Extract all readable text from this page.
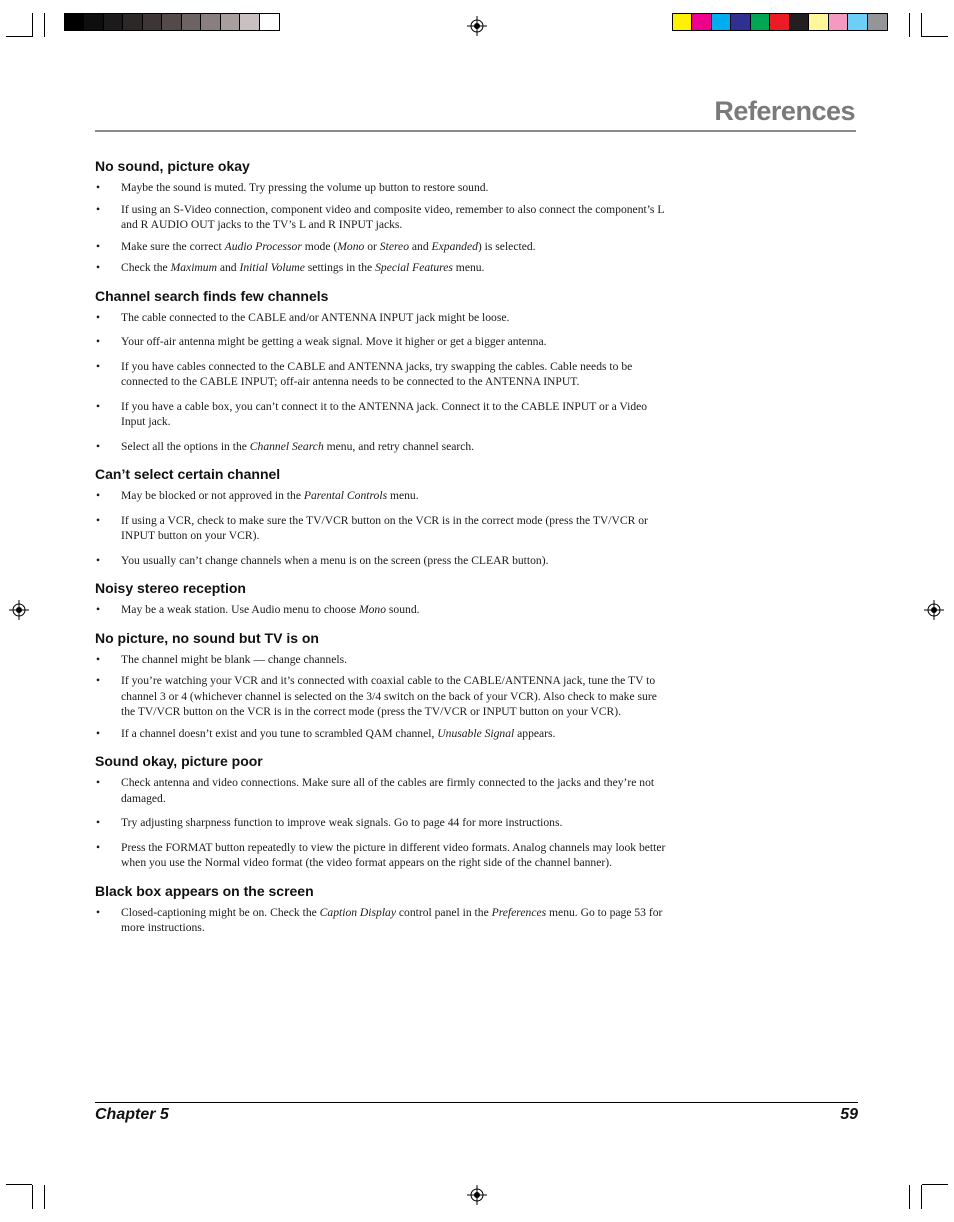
References
No sound, picture okay
• Maybe the sound is muted. Try pressing the volume up button to restore sound.
• If using an S-Video connection, component video and composite video, remember to also connect the component’s L and R AUDIO OUT jacks to the TV’s L and R INPUT jacks.
• Make sure the correct Audio Processor mode (Mono or Stereo and Expanded) is selected.
• Check the Maximum and Initial Volume settings in the Special Features menu.
Channel search finds few channels
• The cable connected to the CABLE and/or ANTENNA INPUT jack might be loose.
• Your off-air antenna might be getting a weak signal. Move it higher or get a bigger antenna.
• If you have cables connected to the CABLE and ANTENNA jacks, try swapping the cables. Cable needs to be connected to the CABLE INPUT; off-air antenna needs to be connected to the ANTENNA INPUT.
• If you have a cable box, you can’t connect it to the ANTENNA jack. Connect it to the CABLE INPUT or a Video Input jack.
• Select all the options in the Channel Search menu, and retry channel search.
Can’t select certain channel
• May be blocked or not approved in the Parental Controls menu.
• If using a VCR, check to make sure the TV/VCR button on the VCR is in the correct mode (press the TV/VCR or INPUT button on your VCR).
• You usually can’t change channels when a menu is on the screen (press the CLEAR button).
Noisy stereo reception
• May be a weak station. Use Audio menu to choose Mono sound.
No picture, no sound but TV is on
• The channel might be blank — change channels.
• If you’re watching your VCR and it’s connected with coaxial cable to the CABLE/ANTENNA jack, tune the TV to channel 3 or 4 (whichever channel is selected on the 3/4 switch on the back of your VCR). Also check to make sure the TV/VCR button on the VCR is in the correct mode (press the TV/VCR or INPUT button on your VCR).
• If a channel doesn’t exist and you tune to scrambled QAM channel, Unusable Signal appears.
Sound okay, picture poor
• Check antenna and video connections. Make sure all of the cables are firmly connected to the jacks and they’re not damaged.
• Try adjusting sharpness function to improve weak signals. Go to page 44 for more instructions.
• Press the FORMAT button repeatedly to view the picture in different video formats. Analog channels may look better when you use the Normal video format (the video format appears on the right side of the channel banner).
Black box appears on the screen
• Closed-captioning might be on. Check the Caption Display control panel in the Preferences menu. Go to page 53 for more instructions.
Chapter 5	59
